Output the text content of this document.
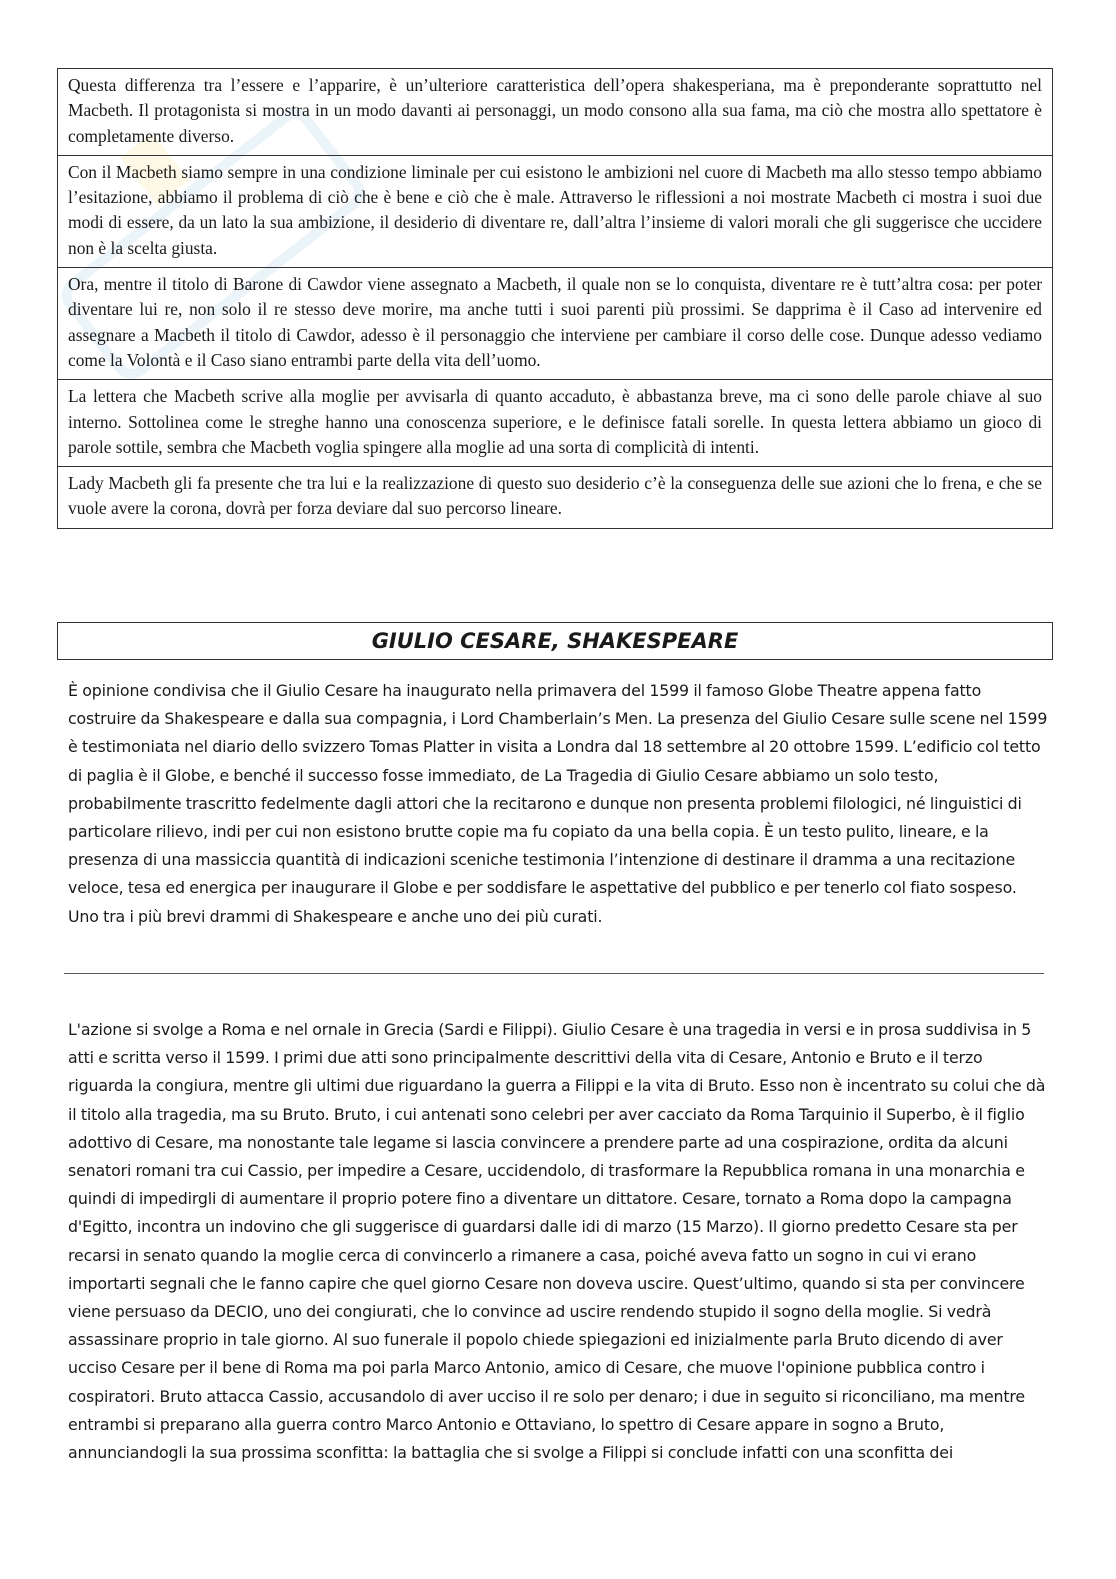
Questa differenza tra l’essere e l’apparire, è un’ulteriore caratteristica dell’opera shakesperiana, ma è preponderante soprattutto nel Macbeth. Il protagonista si mostra in un modo davanti ai personaggi, un modo consono alla sua fama, ma ciò che mostra allo spettatore è completamente diverso.
Con il Macbeth siamo sempre in una condizione liminale per cui esistono le ambizioni nel cuore di Macbeth ma allo stesso tempo abbiamo l’esitazione, abbiamo il problema di ciò che è bene e ciò che è male. Attraverso le riflessioni a noi mostrate Macbeth ci mostra i suoi due modi di essere, da un lato la sua ambizione, il desiderio di diventare re, dall’altra l’insieme di valori morali che gli suggerisce che uccidere non è la scelta giusta.
Ora, mentre il titolo di Barone di Cawdor viene assegnato a Macbeth, il quale non se lo conquista, diventare re è tutt’altra cosa: per poter diventare lui re, non solo il re stesso deve morire, ma anche tutti i suoi parenti più prossimi. Se dapprima è il Caso ad intervenire ed assegnare a Macbeth il titolo di Cawdor, adesso è il personaggio che interviene per cambiare il corso delle cose. Dunque adesso vediamo come la Volontà e il Caso siano entrambi parte della vita dell’uomo.
La lettera che Macbeth scrive alla moglie per avvisarla di quanto accaduto, è abbastanza breve, ma ci sono delle parole chiave al suo interno. Sottolinea come le streghe hanno una conoscenza superiore, e le definisce fatali sorelle. In questa lettera abbiamo un gioco di parole sottile, sembra che Macbeth voglia spingere alla moglie ad una sorta di complicità di intenti.
Lady Macbeth gli fa presente che tra lui e la realizzazione di questo suo desiderio c’è la conseguenza delle sue azioni che lo frena, e che se vuole avere la corona, dovrà per forza deviare dal suo percorso lineare.
GIULIO CESARE, SHAKESPEARE
È opinione condivisa che il Giulio Cesare ha inaugurato nella primavera del 1599 il famoso Globe Theatre appena fatto costruire da Shakespeare e dalla sua compagnia, i Lord Chamberlain’s Men. La presenza del Giulio Cesare sulle scene nel 1599 è testimoniata nel diario dello svizzero Tomas Platter in visita a Londra dal 18 settembre al 20 ottobre 1599. L’edificio col tetto di paglia è il Globe, e benché il successo fosse immediato, de La Tragedia di Giulio Cesare abbiamo un solo testo, probabilmente trascritto fedelmente dagli attori che la recitarono e dunque non presenta problemi filologici, né linguistici di particolare rilievo, indi per cui non esistono brutte copie ma fu copiato da una bella copia. È un testo pulito, lineare, e la presenza di una massiccia quantità di indicazioni sceniche testimonia l’intenzione di destinare il dramma a una recitazione veloce, tesa ed energica per inaugurare il Globe e per soddisfare le aspettative del pubblico e per tenerlo col fiato sospeso. Uno tra i più brevi drammi di Shakespeare e anche uno dei più curati.
L'azione si svolge a Roma e nel ornale in Grecia (Sardi e Filippi). Giulio Cesare è una tragedia in versi e in prosa suddivisa in 5 atti e scritta verso il 1599. I primi due atti sono principalmente descrittivi della vita di Cesare, Antonio e Bruto e il terzo riguarda la congiura, mentre gli ultimi due riguardano la guerra a Filippi e la vita di Bruto. Esso non è incentrato su colui che dà il titolo alla tragedia, ma su Bruto. Bruto, i cui antenati sono celebri per aver cacciato da Roma Tarquinio il Superbo, è il figlio adottivo di Cesare, ma nonostante tale legame si lascia convincere a prendere parte ad una cospirazione, ordita da alcuni senatori romani tra cui Cassio, per impedire a Cesare, uccidendolo, di trasformare la Repubblica romana in una monarchia e quindi di impedirgli di aumentare il proprio potere fino a diventare un dittatore. Cesare, tornato a Roma dopo la campagna d'Egitto, incontra un indovino che gli suggerisce di guardarsi dalle idi di marzo (15 Marzo). Il giorno predetto Cesare sta per recarsi in senato quando la moglie cerca di convincerlo a rimanere a casa, poiché aveva fatto un sogno in cui vi erano importarti segnali che le fanno capire che quel giorno Cesare non doveva uscire. Quest’ultimo, quando si sta per convincere viene persuaso da DECIO, uno dei congiurati, che lo convince ad uscire rendendo stupido il sogno della moglie. Si vedrà assassinare proprio in tale giorno. Al suo funerale il popolo chiede spiegazioni ed inizialmente parla Bruto dicendo di aver ucciso Cesare per il bene di Roma ma poi parla Marco Antonio, amico di Cesare, che muove l'opinione pubblica contro i cospiratori. Bruto attacca Cassio, accusandolo di aver ucciso il re solo per denaro; i due in seguito si riconciliano, ma mentre entrambi si preparano alla guerra contro Marco Antonio e Ottaviano, lo spettro di Cesare appare in sogno a Bruto, annunciandogli la sua prossima sconfitta: la battaglia che si svolge a Filippi si conclude infatti con una sconfitta dei
